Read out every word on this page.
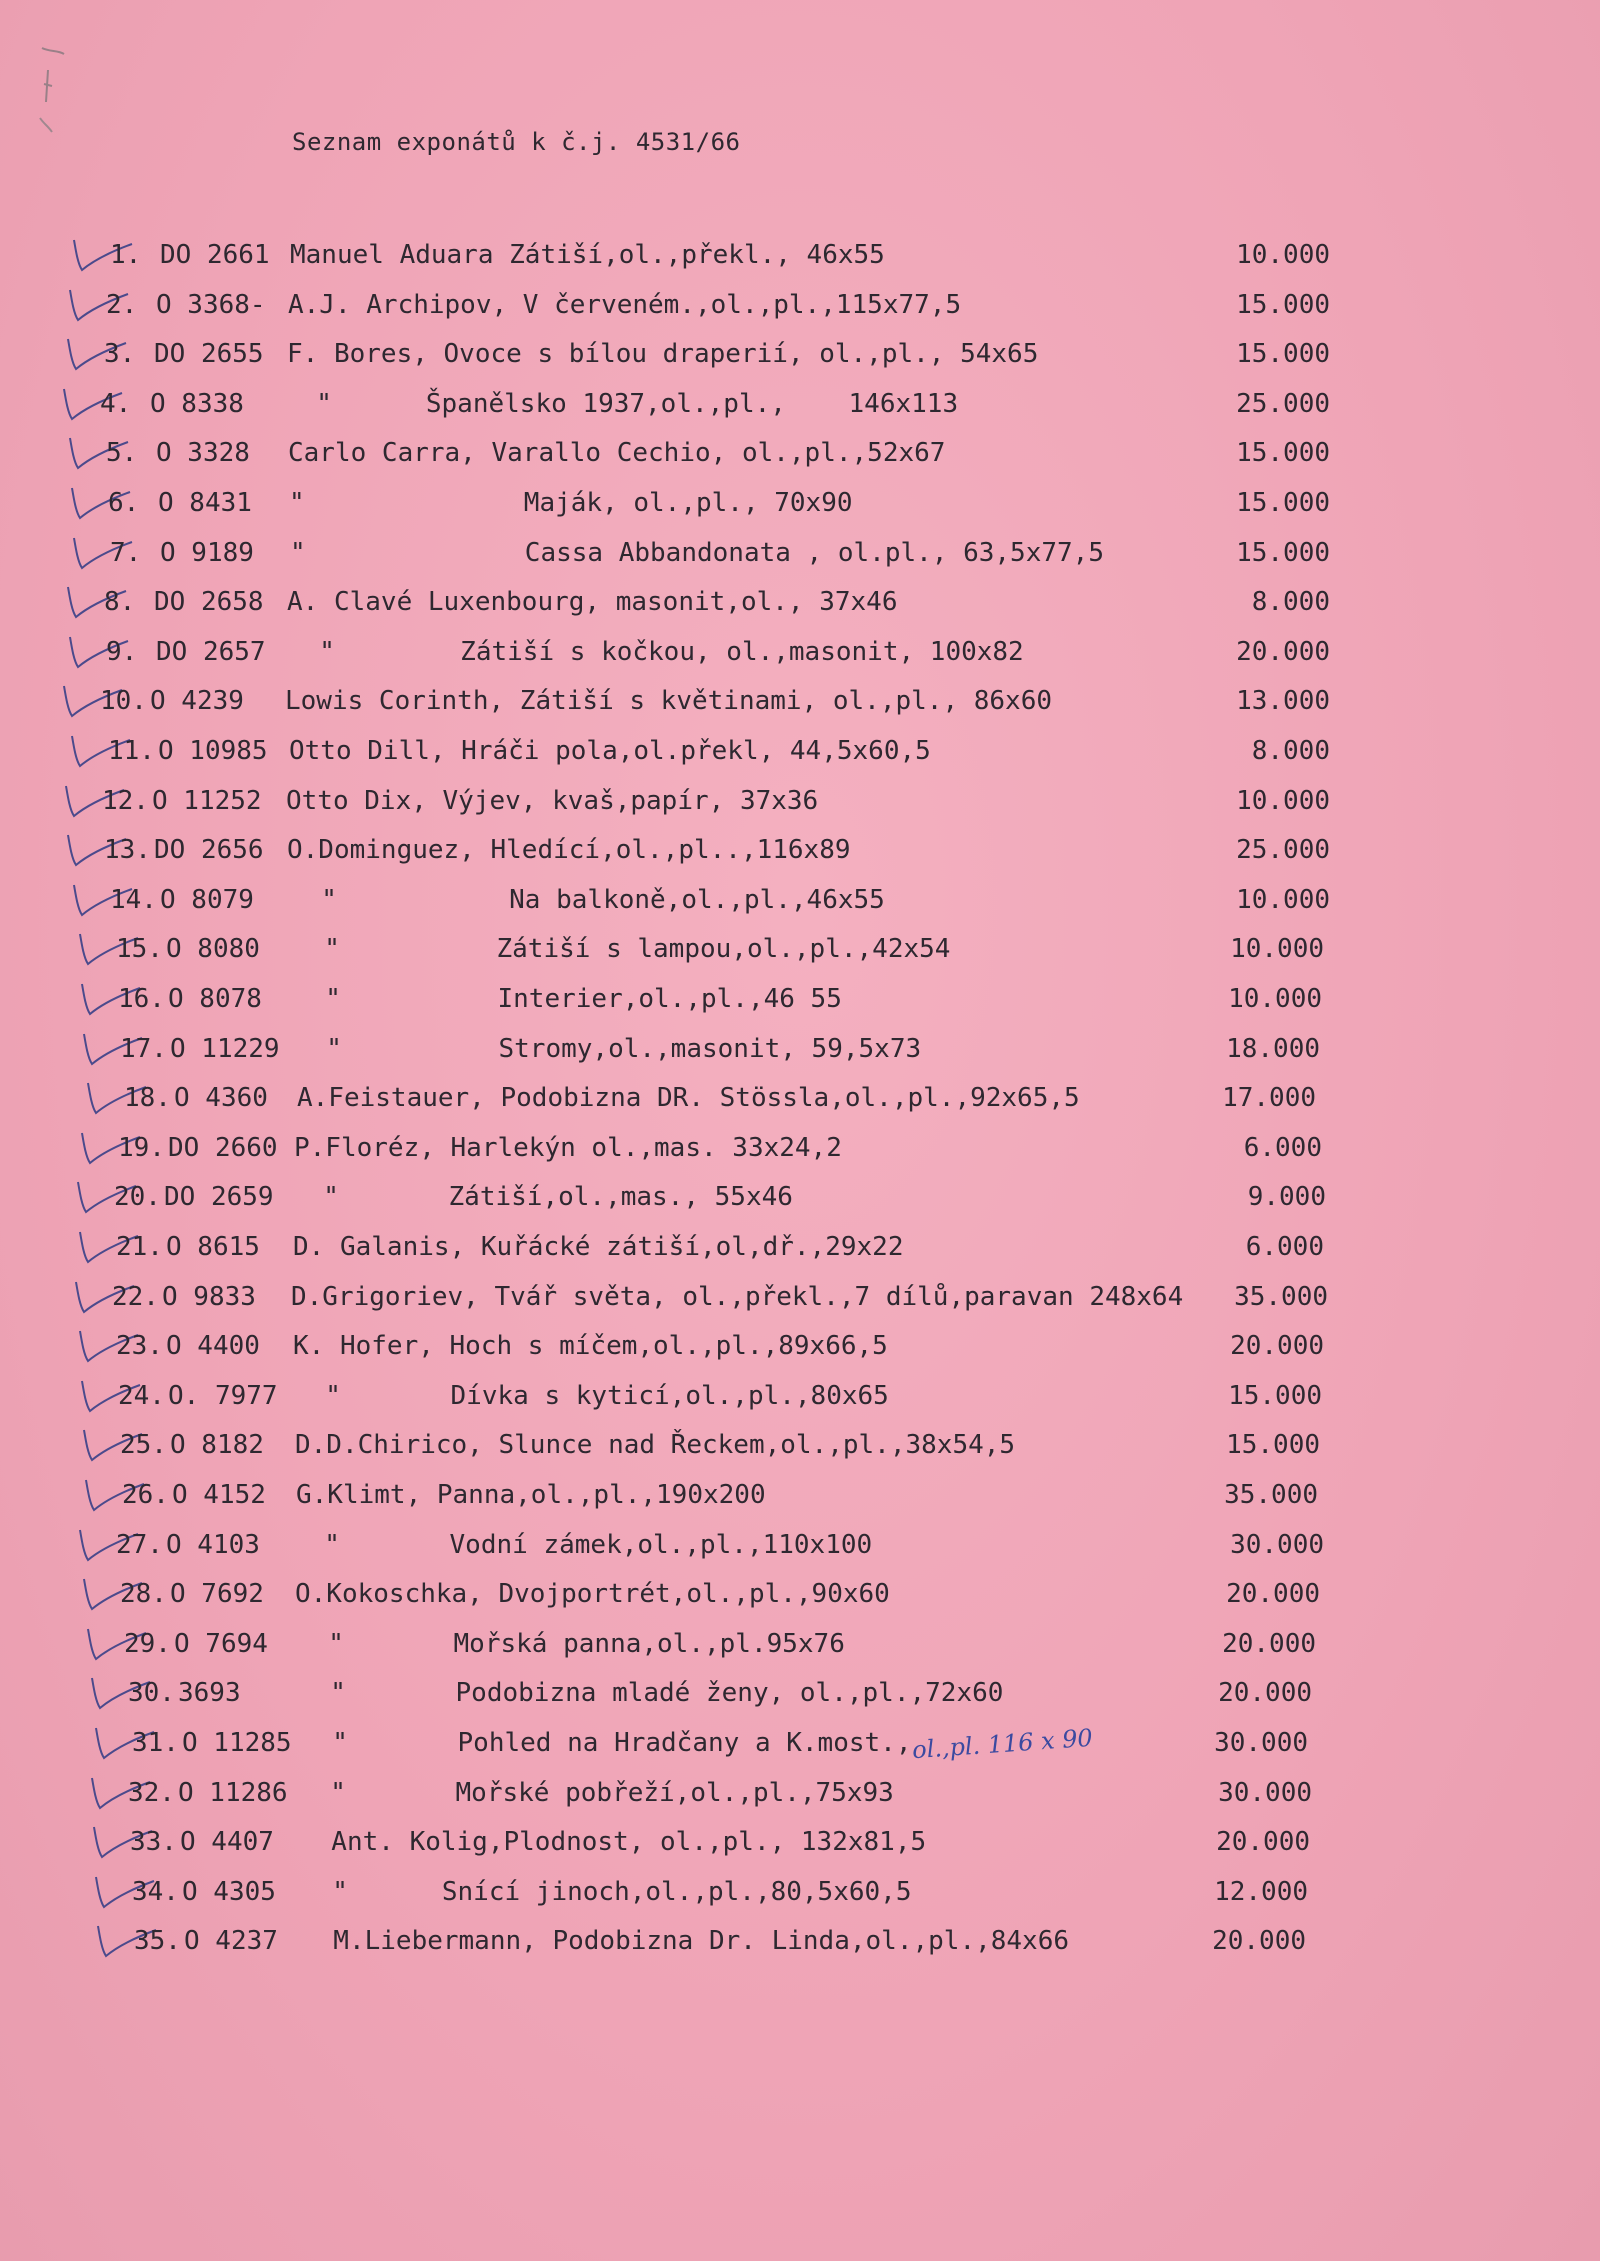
Seznam exponátů k č.j. 4531/66
1. DO 2661 Manuel Aduara Zátiší,ol.,překl., 46x55	10.000
2. O 3368- A.J. Archipov, V červeném.,ol.,pl.,115x77,5	15.000
3. DO 2655 F. Bores, Ovoce s bílou draperií, ol.,pl., 54x65	15.000
4. O 8338 "      Španělsko 1937,ol.,pl.,    146x113	25.000
5. O 3328 Carlo Carra, Varallo Cechio, ol.,pl.,52x67	15.000
6. O 8431 "              Maják, ol.,pl., 70x90	15.000
7. O 9189 "              Cassa Abbandonata , ol.pl., 63,5x77,5	15.000
8. DO 2658 A. Clavé Luxenbourg, masonit,ol., 37x46	8.000
9. DO 2657 "        Zátiší s kočkou, ol.,masonit, 100x82	20.000
10. O 4239 Lowis Corinth, Zátiší s květinami, ol.,pl., 86x60	13.000
11. O 10985 Otto Dill, Hráči pola,ol.překl, 44,5x60,5	8.000
12. O 11252 Otto Dix, Výjev, kvaš,papír, 37x36	10.000
13. DO 2656 O.Dominguez, Hledící,ol.,pl..,116x89	25.000
14. O 8079 "           Na balkoně,ol.,pl.,46x55	10.000
15. O 8080 "          Zátiší s lampou,ol.,pl.,42x54	10.000
16. O 8078 "          Interier,ol.,pl.,46 55	10.000
17. O 11229 "          Stromy,ol.,masonit, 59,5x73	18.000
18. O 4360 A.Feistauer, Podobizna DR. Stössla,ol.,pl.,92x65,5	17.000
19. DO 2660 P.Floréz, Harlekýn ol.,mas. 33x24,2	6.000
20. DO 2659 "       Zátiší,ol.,mas., 55x46	9.000
21. O 8615 D. Galanis, Kuřácké zátiší,ol,dř.,29x22	6.000
22. O 9833 D.Grigoriev, Tvář světa, ol.,překl.,7 dílů,paravan 248x64 35.000
23. O 4400 K. Hofer, Hoch s míčem,ol.,pl.,89x66,5	20.000
24. O. 7977 "       Dívka s kyticí,ol.,pl.,80x65	15.000
25. O 8182 D.D.Chirico, Slunce nad Řeckem,ol.,pl.,38x54,5	15.000
26. O 4152 G.Klimt, Panna,ol.,pl.,190x200	35.000
27. O 4103 "       Vodní zámek,ol.,pl.,110x100	30.000
28. O 7692 O.Kokoschka, Dvojportrét,ol.,pl.,90x60	20.000
29. O 7694 "       Mořská panna,ol.,pl.95x76	20.000
30. 3693 "       Podobizna mladé ženy, ol.,pl.,72x60	20.000
31. O 11285 "       Pohled na Hradčany a K.most.,	30.000
32. O 11286 "       Mořské pobřeží,ol.,pl.,75x93	30.000
33. O 4407 Ant. Kolig,Plodnost, ol.,pl., 132x81,5	20.000
34. O 4305 "      Snící jinoch,ol.,pl.,80,5x60,5	12.000
35. O 4237 M.Liebermann, Podobizna Dr. Linda,ol.,pl.,84x66	20.000
ol.,pl. 116 x 90
